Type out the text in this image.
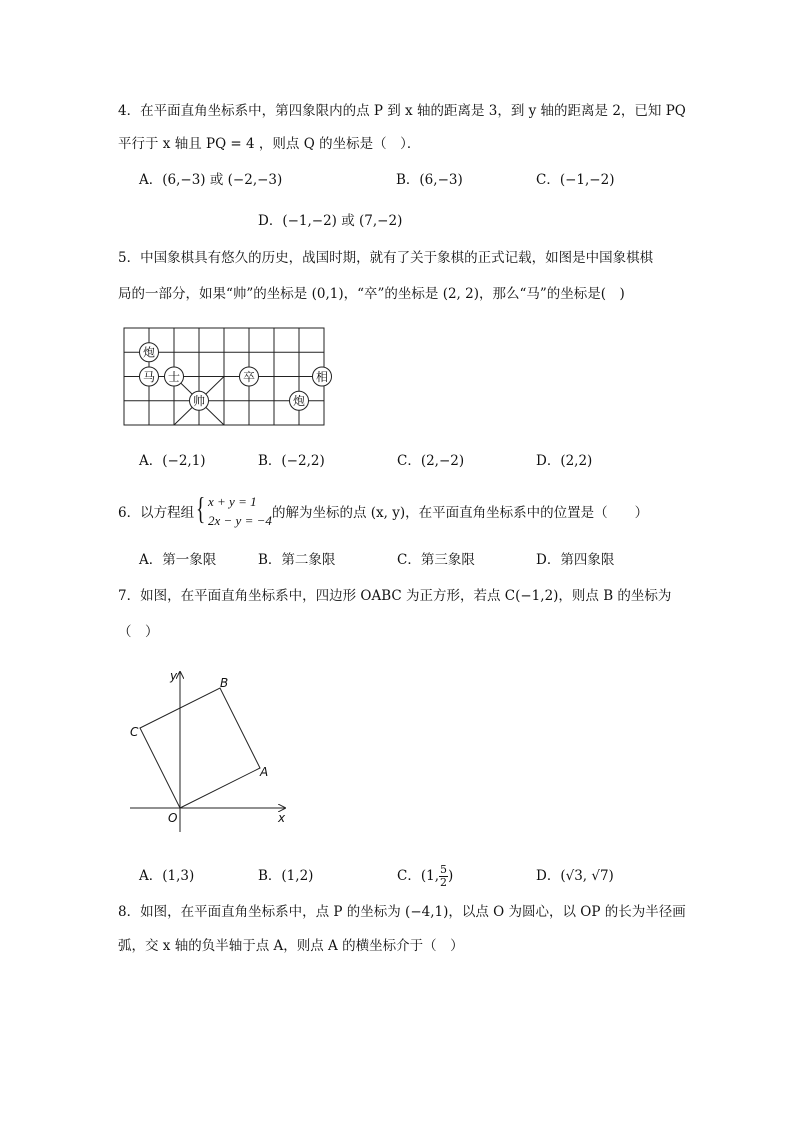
4．在平面直角坐标系中，第四象限内的点 P 到 x 轴的距离是 3，到 y 轴的距离是 2，已知 PQ
平行于 x 轴且 PQ = 4 ，则点 Q 的坐标是（　）．
A．(6,−3) 或 (−2,−3)	B．(6,−3)	C．(−1,−2)
D．(−1,−2) 或 (7,−2)
5．中国象棋具有悠久的历史，战国时期，就有了关于象棋的正式记载，如图是中国象棋棋
局的一部分，如果“帅”的坐标是 (0,1)，“卒”的坐标是 (2, 2)，那么“马”的坐标是(　)
炮
马 士
帅
卒
炮
相
A．(−2,1)	B．(−2,2)	C．(2,−2)	D．(2,2)
6．以方程组 { x + y = 1
2x − y = −4 的解为坐标的点 (x, y)，在平面直角坐标系中的位置是（　　）
A．第一象限	B．第二象限	C．第三象限	D．第四象限
7．如图，在平面直角坐标系中，四边形 OABC 为正方形，若点 C(−1,2)，则点 B 的坐标为
（　）
y
x
O
A
B
C
A．(1,3)	B．(1,2)	C．(1, $\frac{5}{2}$ )	D．(√3, √7)
8．如图，在平面直角坐标系中，点 P 的坐标为 (−4,1)，以点 O 为圆心，以 OP 的长为半径画
弧，交 x 轴的负半轴于点 A，则点 A 的横坐标介于（　）
